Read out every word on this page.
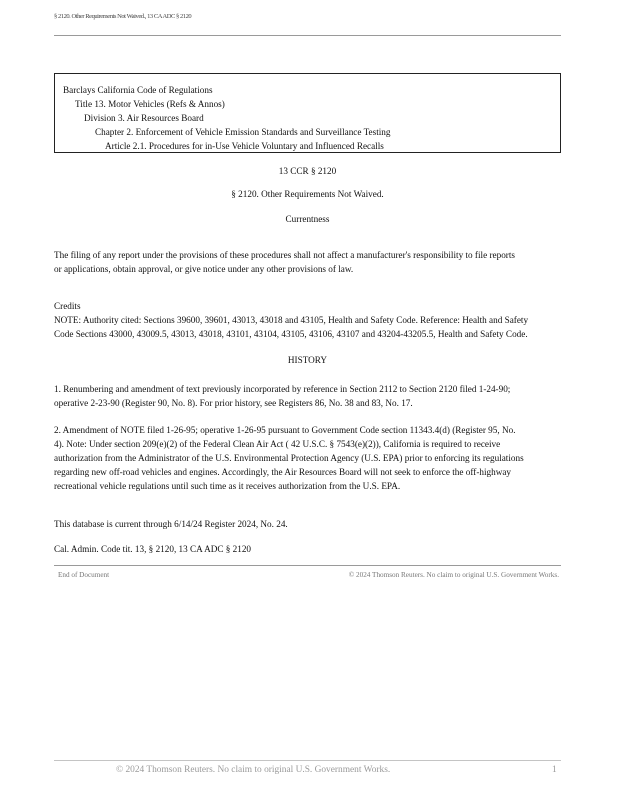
§ 2120. Other Requirements Not Waived., 13 CA ADC § 2120
Barclays California Code of Regulations
Title 13. Motor Vehicles (Refs & Annos)
Division 3. Air Resources Board
Chapter 2. Enforcement of Vehicle Emission Standards and Surveillance Testing
Article 2.1. Procedures for in-Use Vehicle Voluntary and Influenced Recalls
13 CCR § 2120
§ 2120. Other Requirements Not Waived.
Currentness
The filing of any report under the provisions of these procedures shall not affect a manufacturer's responsibility to file reports
or applications, obtain approval, or give notice under any other provisions of law.
Credits
NOTE: Authority cited: Sections 39600, 39601, 43013, 43018 and 43105, Health and Safety Code. Reference: Health and Safety
Code Sections 43000, 43009.5, 43013, 43018, 43101, 43104, 43105, 43106, 43107 and 43204-43205.5, Health and Safety Code.
HISTORY
1. Renumbering and amendment of text previously incorporated by reference in Section 2112 to Section 2120 filed 1-24-90;
operative 2-23-90 (Register 90, No. 8). For prior history, see Registers 86, No. 38 and 83, No. 17.
2. Amendment of NOTE filed 1-26-95; operative 1-26-95 pursuant to Government Code section 11343.4(d) (Register 95, No.
4). Note: Under section 209(e)(2) of the Federal Clean Air Act ( 42 U.S.C. § 7543(e)(2)), California is required to receive
authorization from the Administrator of the U.S. Environmental Protection Agency (U.S. EPA) prior to enforcing its regulations
regarding new off-road vehicles and engines. Accordingly, the Air Resources Board will not seek to enforce the off-highway
recreational vehicle regulations until such time as it receives authorization from the U.S. EPA.
This database is current through 6/14/24 Register 2024, No. 24.
Cal. Admin. Code tit. 13, § 2120, 13 CA ADC § 2120
End of Document	© 2024 Thomson Reuters. No claim to original U.S. Government Works.
© 2024 Thomson Reuters. No claim to original U.S. Government Works.	1
